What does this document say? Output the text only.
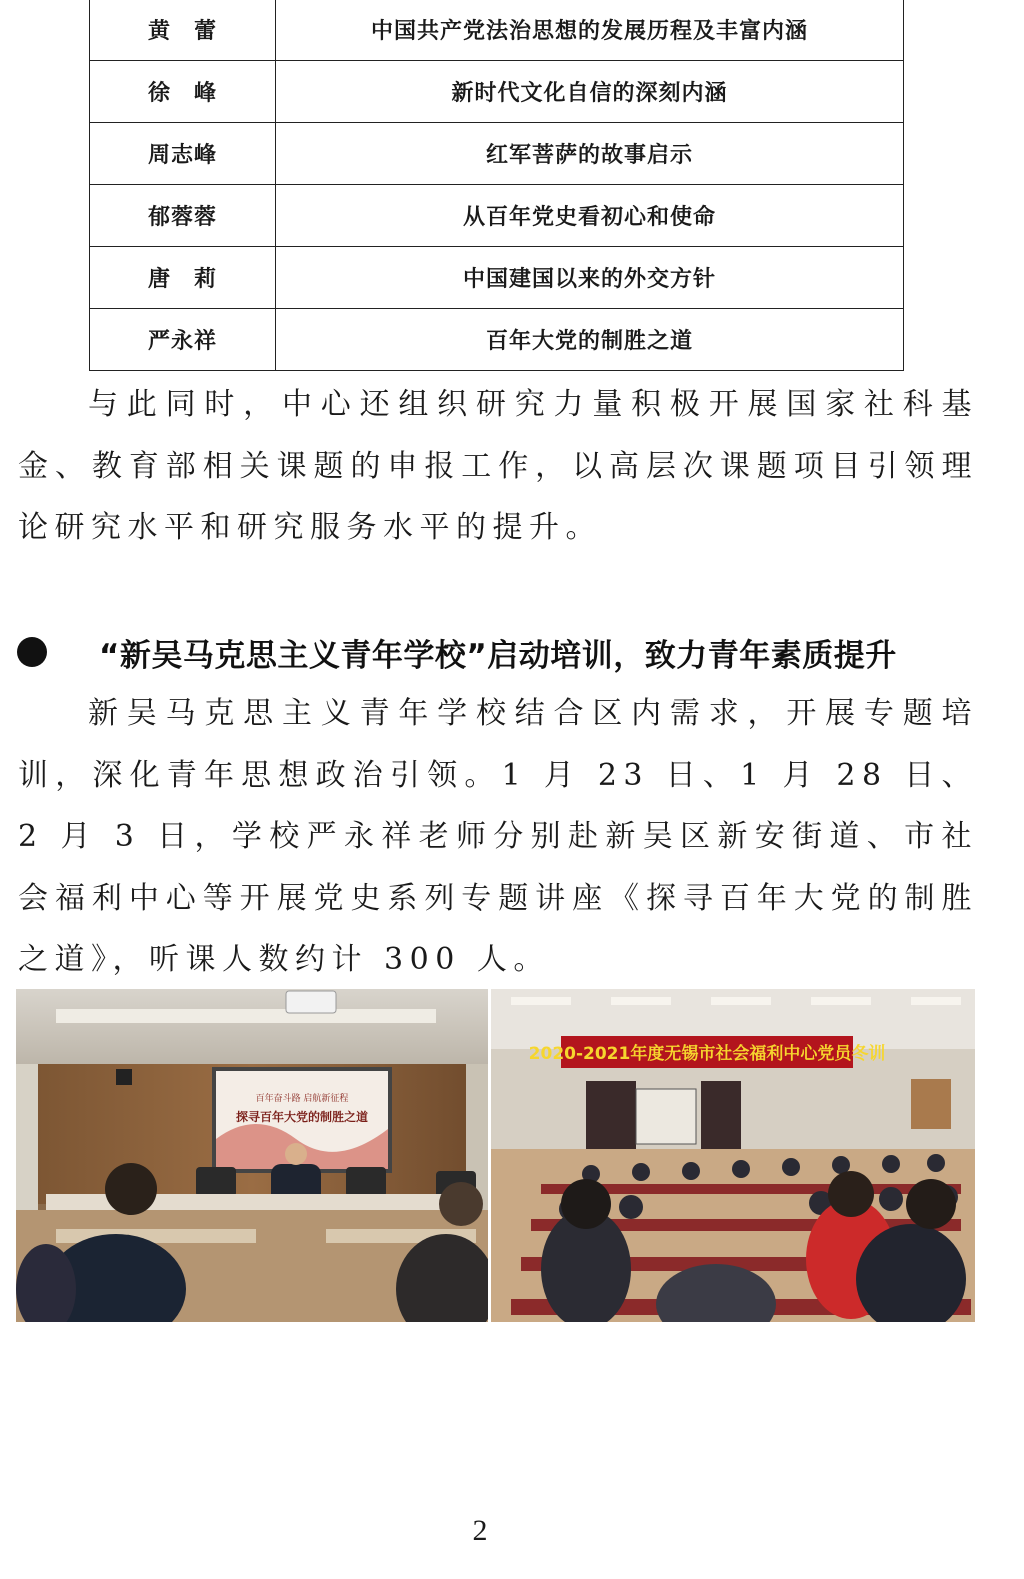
黄　蕾	中国共产党法治思想的发展历程及丰富内涵
徐　峰	新时代文化自信的深刻内涵
周志峰	红军菩萨的故事启示
郁蓉蓉	从百年党史看初心和使命
唐　莉	中国建国以来的外交方针
严永祥	百年大党的制胜之道

与此同时，中心还组织研究力量积极开展国家社科基金、教育部相关课题的申报工作，以高层次课题项目引领理论研究水平和研究服务水平的提升。

“新吴马克思主义青年学校”启动培训，致力青年素质提升

新吴马克思主义青年学校结合区内需求，开展专题培训，深化青年思想政治引领。1 月 23 日、1 月 28 日、2 月 3 日，学校严永祥老师分别赴新吴区新安街道、市社会福利中心等开展党史系列专题讲座《探寻百年大党的制胜之道》，听课人数约计 300 人。

百年奋斗路 启航新征程
探寻百年大党的制胜之道
2020-2021年度无锡市社会福利中心党员冬训
2
